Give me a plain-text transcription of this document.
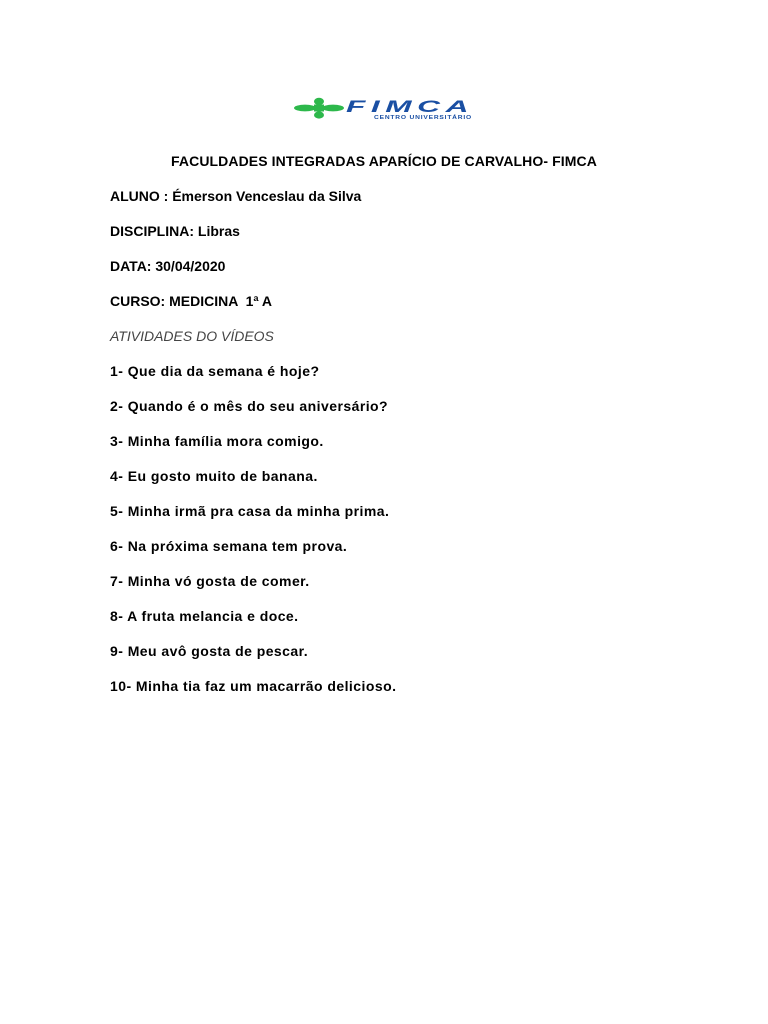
FIMCA
CENTRO UNIVERSITÁRIO
FACULDADES INTEGRADAS APARÍCIO DE CARVALHO- FIMCA
ALUNO : Émerson Venceslau da Silva
DISCIPLINA: Libras
DATA: 30/04/2020
CURSO: MEDICINA  1ª A
ATIVIDADES DO VÍDEOS
1- Que dia da semana é hoje?
2- Quando é o mês do seu aniversário?
3- Minha família mora comigo.
4- Eu gosto muito de banana.
5- Minha irmã pra casa da minha prima.
6- Na próxima semana tem prova.
7- Minha vó gosta de comer.
8- A fruta melancia e doce.
9- Meu avô gosta de pescar.
10- Minha tia faz um macarrão delicioso.
